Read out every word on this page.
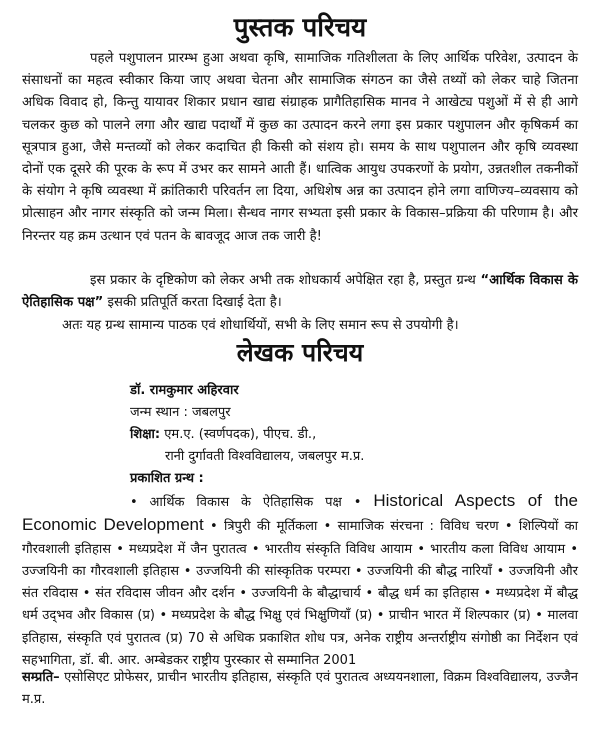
पुस्तक परिचय
पहले पशुपालन प्रारम्भ हुआ अथवा कृषि, सामाजिक गतिशीलता के लिए आर्थिक परिवेश, उत्पादन के संसाधनों का महत्व स्वीकार किया जाए अथवा चेतना और सामाजिक संगठन का जैसे तथ्यों को लेकर चाहे जितना अधिक विवाद हो, किन्तु यायावर शिकार प्रधान खाद्य संग्राहक प्रागैतिहासिक मानव ने आखेट्य पशुओं में से ही आगे चलकर कुछ को पालने लगा और खाद्य पदार्थों में कुछ का उत्पादन करने लगा इस प्रकार पशुपालन और कृषिकर्म का सूत्रपात्र हुआ, जैसे मन्तव्यों को लेकर कदाचित ही किसी को संशय हो। समय के साथ पशुपालन और कृषि व्यवस्था दोनों एक दूसरे की पूरक के रूप में उभर कर सामने आती हैं। धात्विक आयुध उपकरणों के प्रयोग, उन्नतशील तकनीकों के संयोग ने कृषि व्यवस्था में क्रांतिकारी परिवर्तन ला दिया, अधिशेष अन्न का उत्पादन होने लगा वाणिज्य–व्यवसाय को प्रोत्साहन और नागर संस्कृति को जन्म मिला। सैन्धव नागर सभ्यता इसी प्रकार के विकास–प्रक्रिया की परिणाम है। और निरन्तर यह क्रम उत्थान एवं पतन के बावजूद आज तक जारी है!
इस प्रकार के दृष्टिकोण को लेकर अभी तक शोधकार्य अपेक्षित रहा है, प्रस्तुत ग्रन्थ “आर्थिक विकास के ऐतिहासिक पक्ष” इसकी प्रतिपूर्ति करता दिखाई देता है।
अतः यह ग्रन्थ सामान्य पाठक एवं शोधार्थियों, सभी के लिए समान रूप से उपयोगी है।
लेखक परिचय
डॉ. रामकुमार अहिरवार
जन्म स्थान : जबलपुर
शिक्षा: एम.ए. (स्वर्णपदक), पीएच. डी.,
रानी दुर्गावती विश्वविद्यालय, जबलपुर म.प्र.
प्रकाशित ग्रन्थ :
• आर्थिक विकास के ऐतिहासिक पक्ष • Historical Aspects of the Economic Development • त्रिपुरी की मूर्तिकला • सामाजिक संरचना : विविध चरण • शिल्पियों का गौरवशाली इतिहास • मध्यप्रदेश में जैन पुरातत्व • भारतीय संस्कृति विविध आयाम • भारतीय कला विविध आयाम • उज्जयिनी का गौरवशाली इतिहास • उज्जयिनी की सांस्कृतिक परम्परा • उज्जयिनी की बौद्ध नारियाँ • उज्जयिनी और संत रविदास • संत रविदास जीवन और दर्शन • उज्जयिनी के बौद्धाचार्य • बौद्ध धर्म का इतिहास • मध्यप्रदेश में बौद्ध धर्म उद्‌भव और विकास (प्र) • मध्यप्रदेश के बौद्ध भिक्षु एवं भिक्षुणियाँ (प्र) • प्राचीन भारत में शिल्पकार (प्र) • मालवा इतिहास, संस्कृति एवं पुरातत्व (प्र) 70 से अधिक प्रकाशित शोध पत्र, अनेक राष्ट्रीय अन्तर्राष्ट्रीय संगोष्ठी का निर्देशन एवं सहभागिता, डॉ. बी. आर. अम्बेडकर राष्ट्रीय पुरस्कार से सम्मानित 2001
सम्प्रति– एसोसिएट प्रोफेसर, प्राचीन भारतीय इतिहास, संस्कृति एवं पुरातत्व अध्ययनशाला, विक्रम विश्वविद्यालय, उज्जैन म.प्र.
